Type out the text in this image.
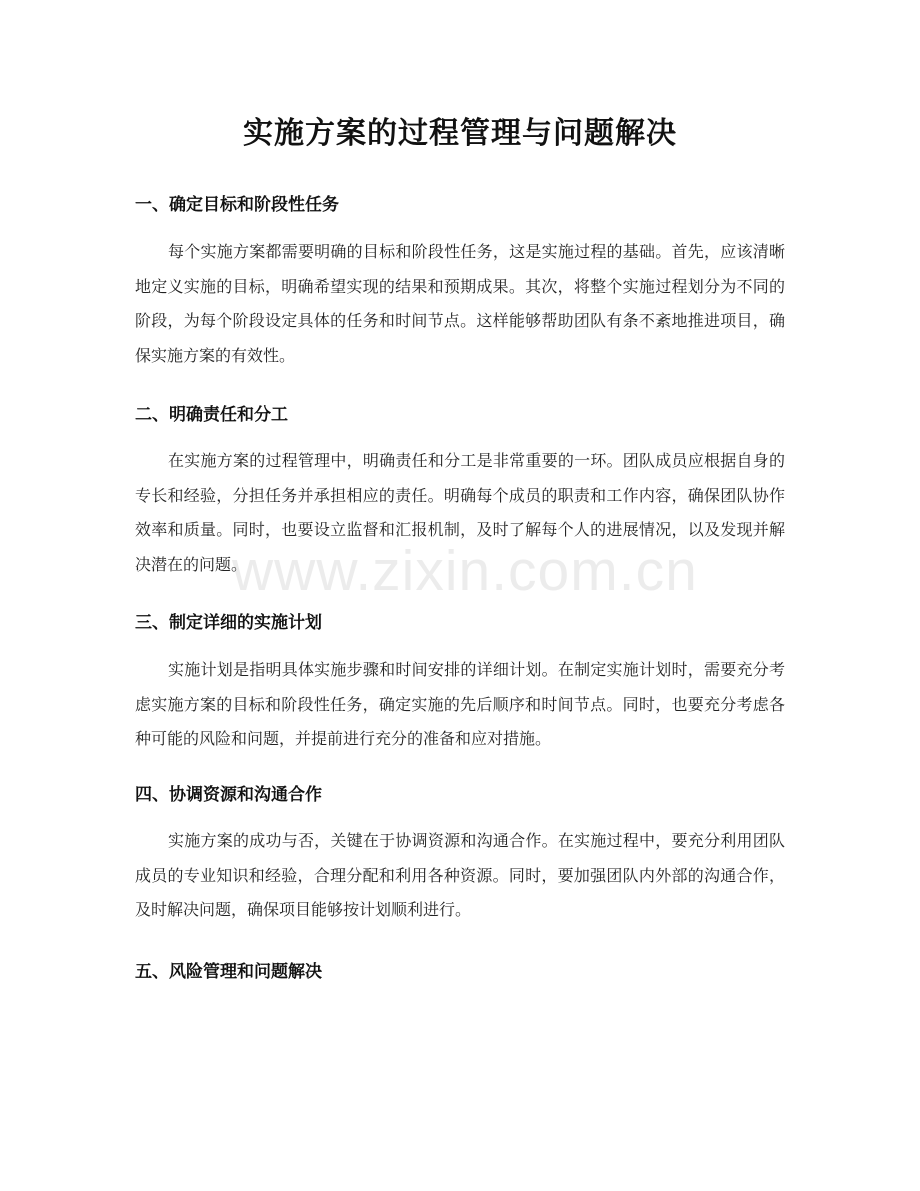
实施方案的过程管理与问题解决
www.zixin.com.cn
一、确定目标和阶段性任务

每个实施方案都需要明确的目标和阶段性任务，这是实施过程的基础。首先，应该清晰地定义实施的目标，明确希望实现的结果和预期成果。其次，将整个实施过程划分为不同的阶段，为每个阶段设定具体的任务和时间节点。这样能够帮助团队有条不紊地推进项目，确保实施方案的有效性。

二、明确责任和分工

在实施方案的过程管理中，明确责任和分工是非常重要的一环。团队成员应根据自身的专长和经验，分担任务并承担相应的责任。明确每个成员的职责和工作内容，确保团队协作效率和质量。同时，也要设立监督和汇报机制，及时了解每个人的进展情况，以及发现并解决潜在的问题。

三、制定详细的实施计划

实施计划是指明具体实施步骤和时间安排的详细计划。在制定实施计划时，需要充分考虑实施方案的目标和阶段性任务，确定实施的先后顺序和时间节点。同时，也要充分考虑各种可能的风险和问题，并提前进行充分的准备和应对措施。

四、协调资源和沟通合作

实施方案的成功与否，关键在于协调资源和沟通合作。在实施过程中，要充分利用团队成员的专业知识和经验，合理分配和利用各种资源。同时，要加强团队内外部的沟通合作，及时解决问题，确保项目能够按计划顺利进行。

五、风险管理和问题解决
